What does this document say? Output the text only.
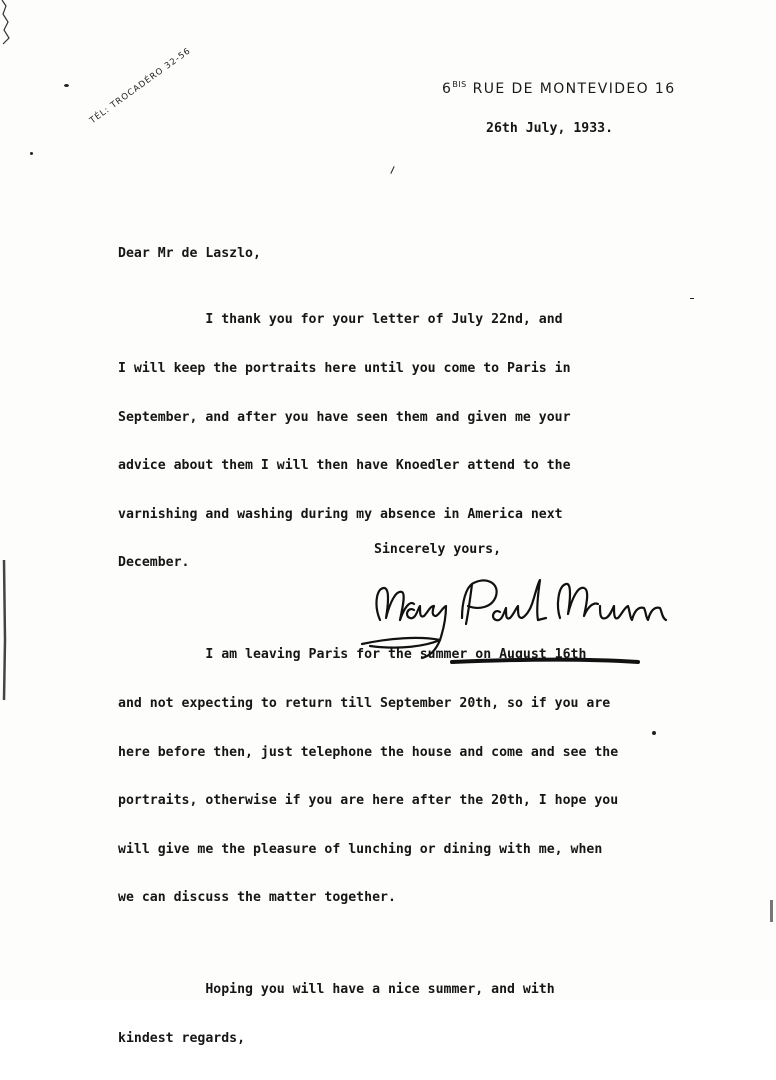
$6^{BIS}$ RUE DE MONTEVIDEO 16
TÉL: TROCADÉRO 32-56
26th July, 1933.
Dear Mr de Laszlo,

I thank you for your letter of July 22nd, and

I will keep the portraits here until you come to Paris in

September, and after you have seen them and given me your

advice about them I will then have Knoedler attend to the

varnishing and washing during my absence in America next

December.

I am leaving Paris for the summer on August 16th

and not expecting to return till September 20th, so if you are

here before then, just telephone the house and come and see the

portraits, otherwise if you are here after the 20th, I hope you

will give me the pleasure of lunching or dining with me, when

we can discuss the matter together.

Hoping you will have a nice summer, and with

kindest regards,

Sincerely yours,
